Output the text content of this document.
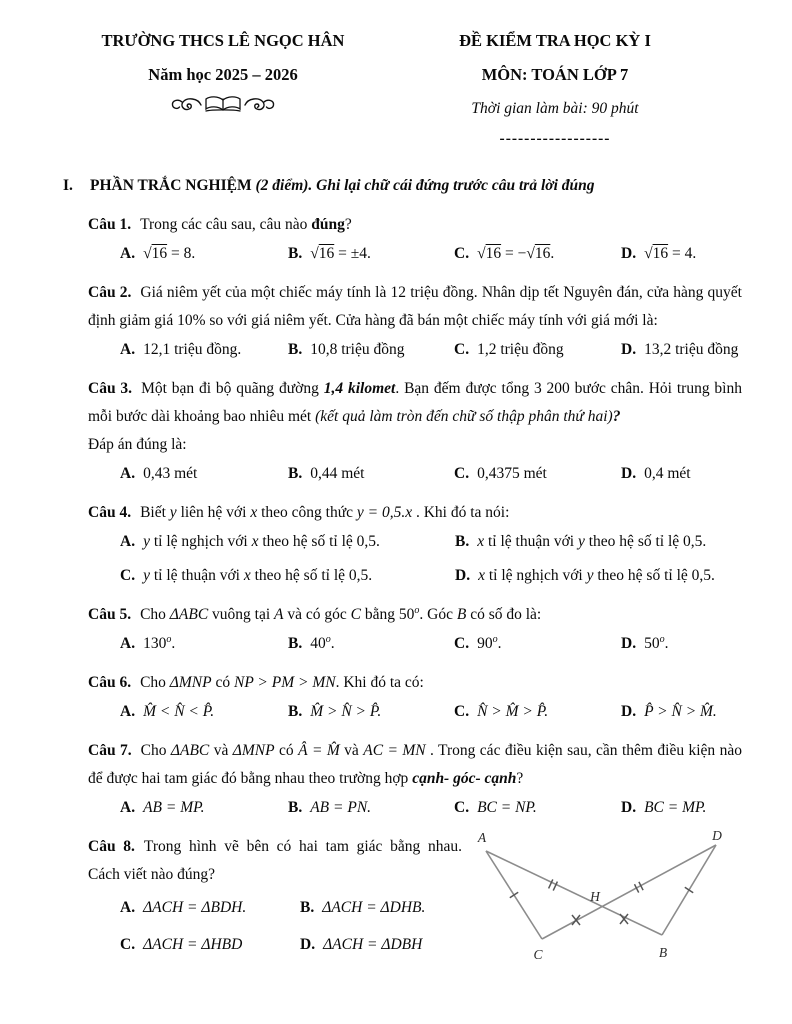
TRƯỜNG THCS LÊ NGỌC HÂN
Năm học 2025 – 2026
ĐỀ KIỂM TRA HỌC KỲ I
MÔN: TOÁN LỚP 7
Thời gian làm bài: 90 phút
------------------
I. PHẦN TRẮC NGHIỆM (2 điểm). Ghi lại chữ cái đứng trước câu trả lời đúng

Câu 1. Trong các câu sau, câu nào đúng?

A. √16 = 8.	B. √16 = ±4.	C. √16 = −√16.	D. √16 = 4.

Câu 2. Giá niêm yết của một chiếc máy tính là 12 triệu đồng. Nhân dịp tết Nguyên đán, cửa hàng quyết định giảm giá 10% so với giá niêm yết. Cửa hàng đã bán một chiếc máy tính với giá mới là:

A. 12,1 triệu đồng.	B. 10,8 triệu đồng	C. 1,2 triệu đồng	D. 13,2 triệu đồng

Câu 3. Một bạn đi bộ quãng đường 1,4 kilomet. Bạn đếm được tổng 3 200 bước chân. Hỏi trung bình mỗi bước dài khoảng bao nhiêu mét (kết quả làm tròn đến chữ số thập phân thứ hai)?

Đáp án đúng là:

A. 0,43 mét	B. 0,44 mét	C. 0,4375 mét	D. 0,4 mét

Câu 4. Biết y liên hệ với x theo công thức y = 0,5.x . Khi đó ta nói:

A. y tỉ lệ nghịch với x theo hệ số tỉ lệ 0,5.	B. x tỉ lệ thuận với y theo hệ số tỉ lệ 0,5.
C. y tỉ lệ thuận với x theo hệ số tỉ lệ 0,5.	D. x tỉ lệ nghịch với y theo hệ số tỉ lệ 0,5.

Câu 5. Cho ΔABC vuông tại A và có góc C bằng 50$^o$. Góc B có số đo là:

A. 130$^o$.	B. 40$^o$.	C. 90$^o$.	D. 50$^o$.

Câu 6. Cho ΔMNP có NP > PM > MN. Khi đó ta có:

A. M̂ < N̂ < P̂.	B. M̂ > N̂ > P̂.	C. N̂ > M̂ > P̂.	D. P̂ > N̂ > M̂.

Câu 7. Cho ΔABC và ΔMNP có Â = M̂ và AC = MN . Trong các điều kiện sau, cần thêm điều kiện nào để được hai tam giác đó bằng nhau theo trường hợp cạnh- góc- cạnh?

A. AB = MP.	B. AB = PN.	C. BC = NP.	D. BC = MP.

Câu 8. Trong hình vẽ bên có hai tam giác bằng nhau.

Cách viết nào đúng?

A. ΔACH = ΔBDH.	B. ΔACH = ΔDHB.
C. ΔACH = ΔHBD	D. ΔACH = ΔDBH
A	D
C	B
H
